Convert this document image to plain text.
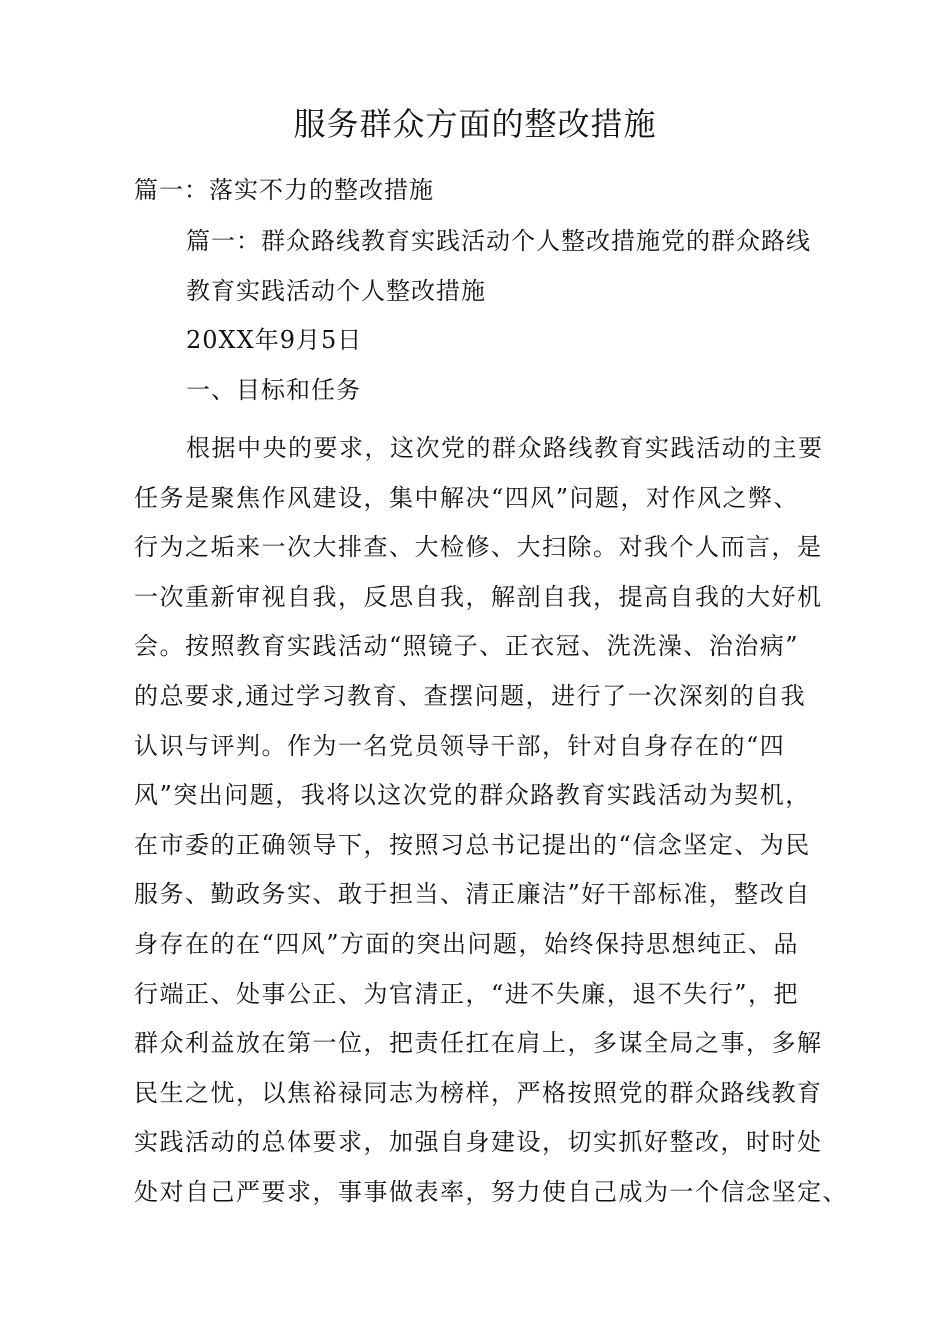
服务群众方面的整改措施
篇一：落实不力的整改措施
篇一：群众路线教育实践活动个人整改措施党的群众路线
教育实践活动个人整改措施
20XX年9月5日
一、目标和任务
根据中央的要求，这次党的群众路线教育实践活动的主要
任务是聚焦作风建设，集中解决“四风”问题，对作风之弊、
行为之垢来一次大排查、大检修、大扫除。对我个人而言，是
一次重新审视自我，反思自我，解剖自我，提高自我的大好机
会。按照教育实践活动“照镜子、正衣冠、洗洗澡、治治病”
的总要求,通过学习教育、查摆问题，进行了一次深刻的自我
认识与评判。作为一名党员领导干部，针对自身存在的“四
风”突出问题，我将以这次党的群众路教育实践活动为契机，
在市委的正确领导下，按照习总书记提出的“信念坚定、为民
服务、勤政务实、敢于担当、清正廉洁”好干部标准，整改自
身存在的在“四风”方面的突出问题，始终保持思想纯正、品
行端正、处事公正、为官清正，“进不失廉，退不失行”，把
群众利益放在第一位，把责任扛在肩上，多谋全局之事，多解
民生之忧，以焦裕禄同志为榜样，严格按照党的群众路线教育
实践活动的总体要求，加强自身建设，切实抓好整改，时时处
处对自己严要求，事事做表率，努力使自己成为一个信念坚定、
